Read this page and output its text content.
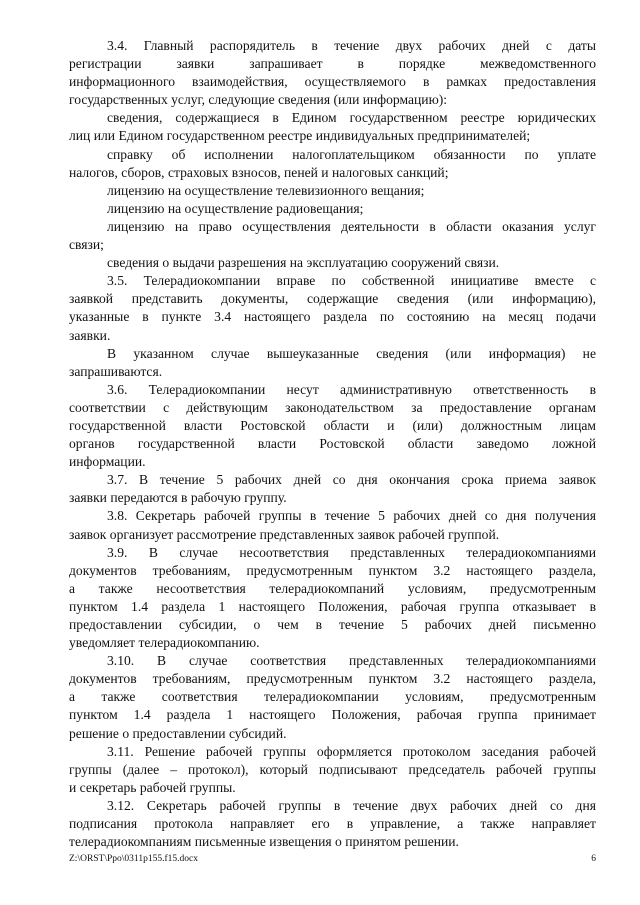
3.4. Главный распорядитель в течение двух рабочих дней с даты
регистрации заявки запрашивает в порядке межведомственного
информационного взаимодействия, осуществляемого в рамках предоставления
государственных услуг, следующие сведения (или информацию):

сведения, содержащиеся в Едином государственном реестре юридических
лиц или Едином государственном реестре индивидуальных предпринимателей;

справку об исполнении налогоплательщиком обязанности по уплате
налогов, сборов, страховых взносов, пеней и налоговых санкций;

лицензию на осуществление телевизионного вещания;

лицензию на осуществление радиовещания;

лицензию на право осуществления деятельности в области оказания услуг
связи;

сведения о выдачи разрешения на эксплуатацию сооружений связи.

3.5. Телерадиокомпании вправе по собственной инициативе вместе с
заявкой представить документы, содержащие сведения (или информацию),
указанные в пункте 3.4 настоящего раздела по состоянию на месяц подачи
заявки.

В указанном случае вышеуказанные сведения (или информация) не
запрашиваются.

3.6. Телерадиокомпании несут административную ответственность в
соответствии с действующим законодательством за предоставление органам
государственной власти Ростовской области и (или) должностным лицам
органов государственной власти Ростовской области заведомо ложной
информации.

3.7. В течение 5 рабочих дней со дня окончания срока приема заявок
заявки передаются в рабочую группу.

3.8. Секретарь рабочей группы в течение 5 рабочих дней со дня получения
заявок организует рассмотрение представленных заявок рабочей группой.

3.9. В случае несоответствия представленных телерадиокомпаниями
документов требованиям, предусмотренным пунктом 3.2 настоящего раздела,
а также несоответствия телерадиокомпаний условиям, предусмотренным
пунктом 1.4 раздела 1 настоящего Положения, рабочая группа отказывает в
предоставлении субсидии, о чем в течение 5 рабочих дней письменно
уведомляет телерадиокомпанию.

3.10. В случае соответствия представленных телерадиокомпаниями
документов требованиям, предусмотренным пунктом 3.2 настоящего раздела,
а также соответствия телерадиокомпании условиям, предусмотренным
пунктом 1.4 раздела 1 настоящего Положения, рабочая группа принимает
решение о предоставлении субсидий.

3.11. Решение рабочей группы оформляется протоколом заседания рабочей
группы (далее – протокол), который подписывают председатель рабочей группы
и секретарь рабочей группы.

3.12. Секретарь рабочей группы в течение двух рабочих дней со дня
подписания протокола направляет его в управление, а также направляет
телерадиокомпаниям письменные извещения о принятом решении.

Z:\ORST\Ppo\0311p155.f15.docx	6
